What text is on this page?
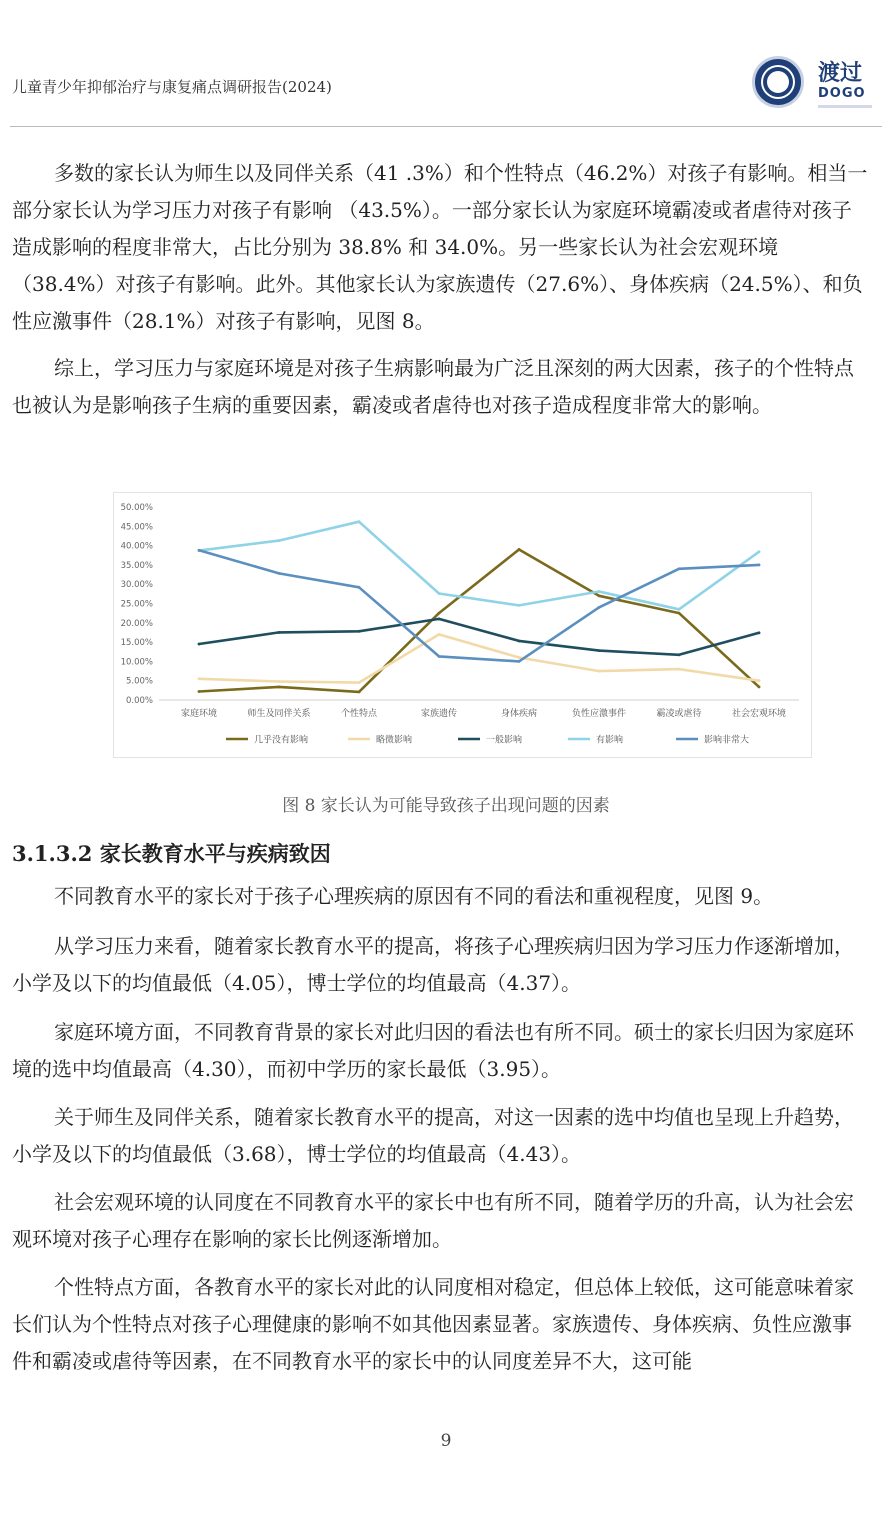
儿童青少年抑郁治疗与康复痛点调研报告(2024)
渡过
DOGO

多数的家长认为师生以及同伴关系（41 .3%）和个性特点（46.2%）对孩子有影响。相当一部分家长认为学习压力对孩子有影响 （43.5%）。一部分家长认为家庭环境霸凌或者虐待对孩子造成影响的程度非常大，占比分别为 38.8% 和 34.0%。另一些家长认为社会宏观环境（38.4%）对孩子有影响。此外。其他家长认为家族遗传（27.6%）、身体疾病（24.5%）、和负性应激事件（28.1%）对孩子有影响，见图 8。

综上，学习压力与家庭环境是对孩子生病影响最为广泛且深刻的两大因素，孩子的个性特点也被认为是影响孩子生病的重要因素，霸凌或者虐待也对孩子造成程度非常大的影响。

0.00%
5.00%
10.00%
15.00%
20.00%
25.00%
30.00%
35.00%
40.00%
45.00%
50.00%
家庭环境	师生及同伴关系	个性特点	家族遗传	身体疾病	负性应激事件	霸凌或虐待	社会宏观环境
几乎没有影响	略微影响	一般影响	有影响	影响非常大
图 8 家长认为可能导致孩子出现问题的因素
3.1.3.2 家长教育水平与疾病致因

不同教育水平的家长对于孩子心理疾病的原因有不同的看法和重视程度，见图 9。

从学习压力来看，随着家长教育水平的提高，将孩子心理疾病归因为学习压力作逐渐增加，小学及以下的均值最低（4.05），博士学位的均值最高（4.37）。

家庭环境方面，不同教育背景的家长对此归因的看法也有所不同。硕士的家长归因为家庭环境的选中均值最高（4.30），而初中学历的家长最低（3.95）。

关于师生及同伴关系，随着家长教育水平的提高，对这一因素的选中均值也呈现上升趋势，小学及以下的均值最低（3.68），博士学位的均值最高（4.43）。

社会宏观环境的认同度在不同教育水平的家长中也有所不同，随着学历的升高，认为社会宏观环境对孩子心理存在影响的家长比例逐渐增加。

个性特点方面，各教育水平的家长对此的认同度相对稳定，但总体上较低，这可能意味着家长们认为个性特点对孩子心理健康的影响不如其他因素显著。家族遗传、身体疾病、负性应激事件和霸凌或虐待等因素，在不同教育水平的家长中的认同度差异不大，这可能

9
